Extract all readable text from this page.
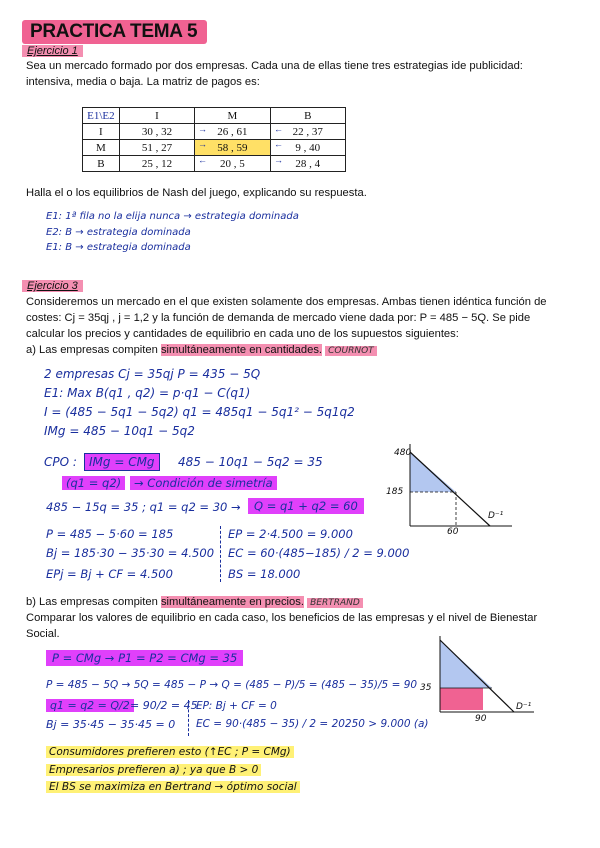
PRACTICA TEMA 5
Ejercicio 1
Sea un mercado formado por dos empresas. Cada una de ellas tiene tres estrategias ide publicidad:
intensiva, media o baja. La matriz de pagos es:
E1\E2	I	M	B
I	30 , 32	26 , 61	22 , 37
M	51 , 27	58 , 59	9 , 40
B	25 , 12	20 , 5	28 , 4
→	←
→	←
←	→
Halla el o los equilibrios de Nash del juego, explicando su respuesta.
E1: 1ª fila no la elija nunca → estrategia dominada
E2: B → estrategia dominada
E1: B → estrategia dominada
Ejercicio 3
Consideremos un mercado en el que existen solamente dos empresas. Ambas tienen idéntica función de
costes: Cj = 35qj , j = 1,2 y la función de demanda de mercado viene dada por: P = 485 − 5Q. Se pide
calcular los precios y cantidades de equilibrio en cada uno de los supuestos siguientes:
a) Las empresas compiten simultáneamente en cantidades. COURNOT
2 empresas Cj = 35qj P = 435 − 5Q
E1: Max B(q1 , q2) = p·q1 − C(q1)
I = (485 − 5q1 − 5q2) q1 = 485q1 − 5q1² − 5q1q2
IMg = 485 − 10q1 − 5q2
CPO :	IMg = CMg	485 − 10q1 − 5q2 = 35
(q1 = q2)	→ Condición de simetría
485 − 15q = 35 ; q1 = q2 = 30 →	Q = q1 + q2 = 60
P = 485 − 5·60 = 185
Bj = 185·30 − 35·30 = 4.500
EPj = Bj + CF = 4.500
EP = 2·4.500 = 9.000
EC = 60·(485−185) / 2 = 9.000
BS = 18.000
480
185
60
D⁻¹
b) Las empresas compiten simultáneamente en precios. BERTRAND
Comparar los valores de equilibrio en cada caso, los beneficios de las empresas y el nivel de Bienestar
Social.
P = CMg → P1 = P2 = CMg = 35
P = 485 − 5Q → 5Q = 485 − P → Q = (485 − P)/5 = (485 − 35)/5 = 90
q1 = q2 = Q/2 = 90/2 = 45
Bj = 35·45 − 35·45 = 0
EP: Bj + CF = 0
EC = 90·(485 − 35) / 2 = 20250 > 9.000 (a)
Consumidores prefieren esto (↑EC ; P = CMg)
Empresarios prefieren a) ; ya que B > 0
El BS se maximiza en Bertrand → óptimo social
35
90
D⁻¹
